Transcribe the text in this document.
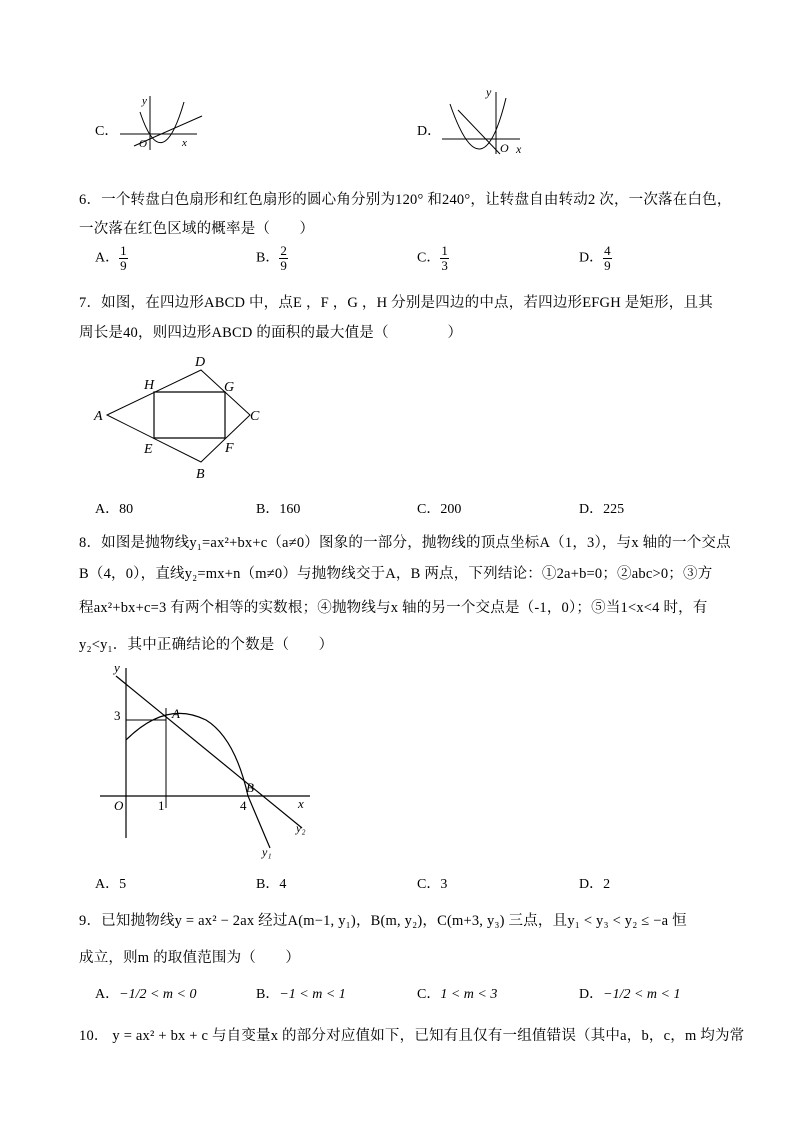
C．
y
O	x
D．
y
O x
6．一个转盘白色扇形和红色扇形的圆心角分别为120° 和240°，让转盘自由转动2 次，一次落在白色，
一次落在红色区域的概率是（　　）
A． $\frac{1}{9}$	B． $\frac{2}{9}$	C． $\frac{1}{3}$	D． $\frac{4}{9}$
7．如图，在四边形ABCD 中，点E ，F ，G ，H 分别是四边的中点，若四边形EFGH 是矩形，且其
周长是40，则四边形ABCD 的面积的最大值是（　　　　）
A
D
C
B
H	G
F
E
A．80	B．160	C．200	D．225
8．如图是抛物线y₁=ax²+bx+c（a≠0）图象的一部分，抛物线的顶点坐标A（1，3），与x 轴的一个交点
B（4，0），直线y₂=mx+n（m≠0）与抛物线交于A，B 两点，下列结论：①2a+b=0；②abc>0；③方
程ax²+bx+c=3 有两个相等的实数根；④抛物线与x 轴的另一个交点是（-1，0）；⑤当1<x<4 时，有
y₂<y₁．其中正确结论的个数是（　　）
y
3	A
O	1	4
B
x
y₂
y₁
A．5	B．4	C．3	D．2
9．已知抛物线y = ax² − 2ax 经过A(m−1, y₁)，B(m, y₂)，C(m+3, y₃) 三点，且y₁ < y₃ < y₂ ≤ −a 恒
成立，则m 的取值范围为（　　）
A．−1/2 < m < 0	B．−1 < m < 1	C．1 < m < 3	D．−1/2 < m < 1
10． y = ax² + bx + c 与自变量x 的部分对应值如下，已知有且仅有一组值错误（其中a，b，c，m 均为常
